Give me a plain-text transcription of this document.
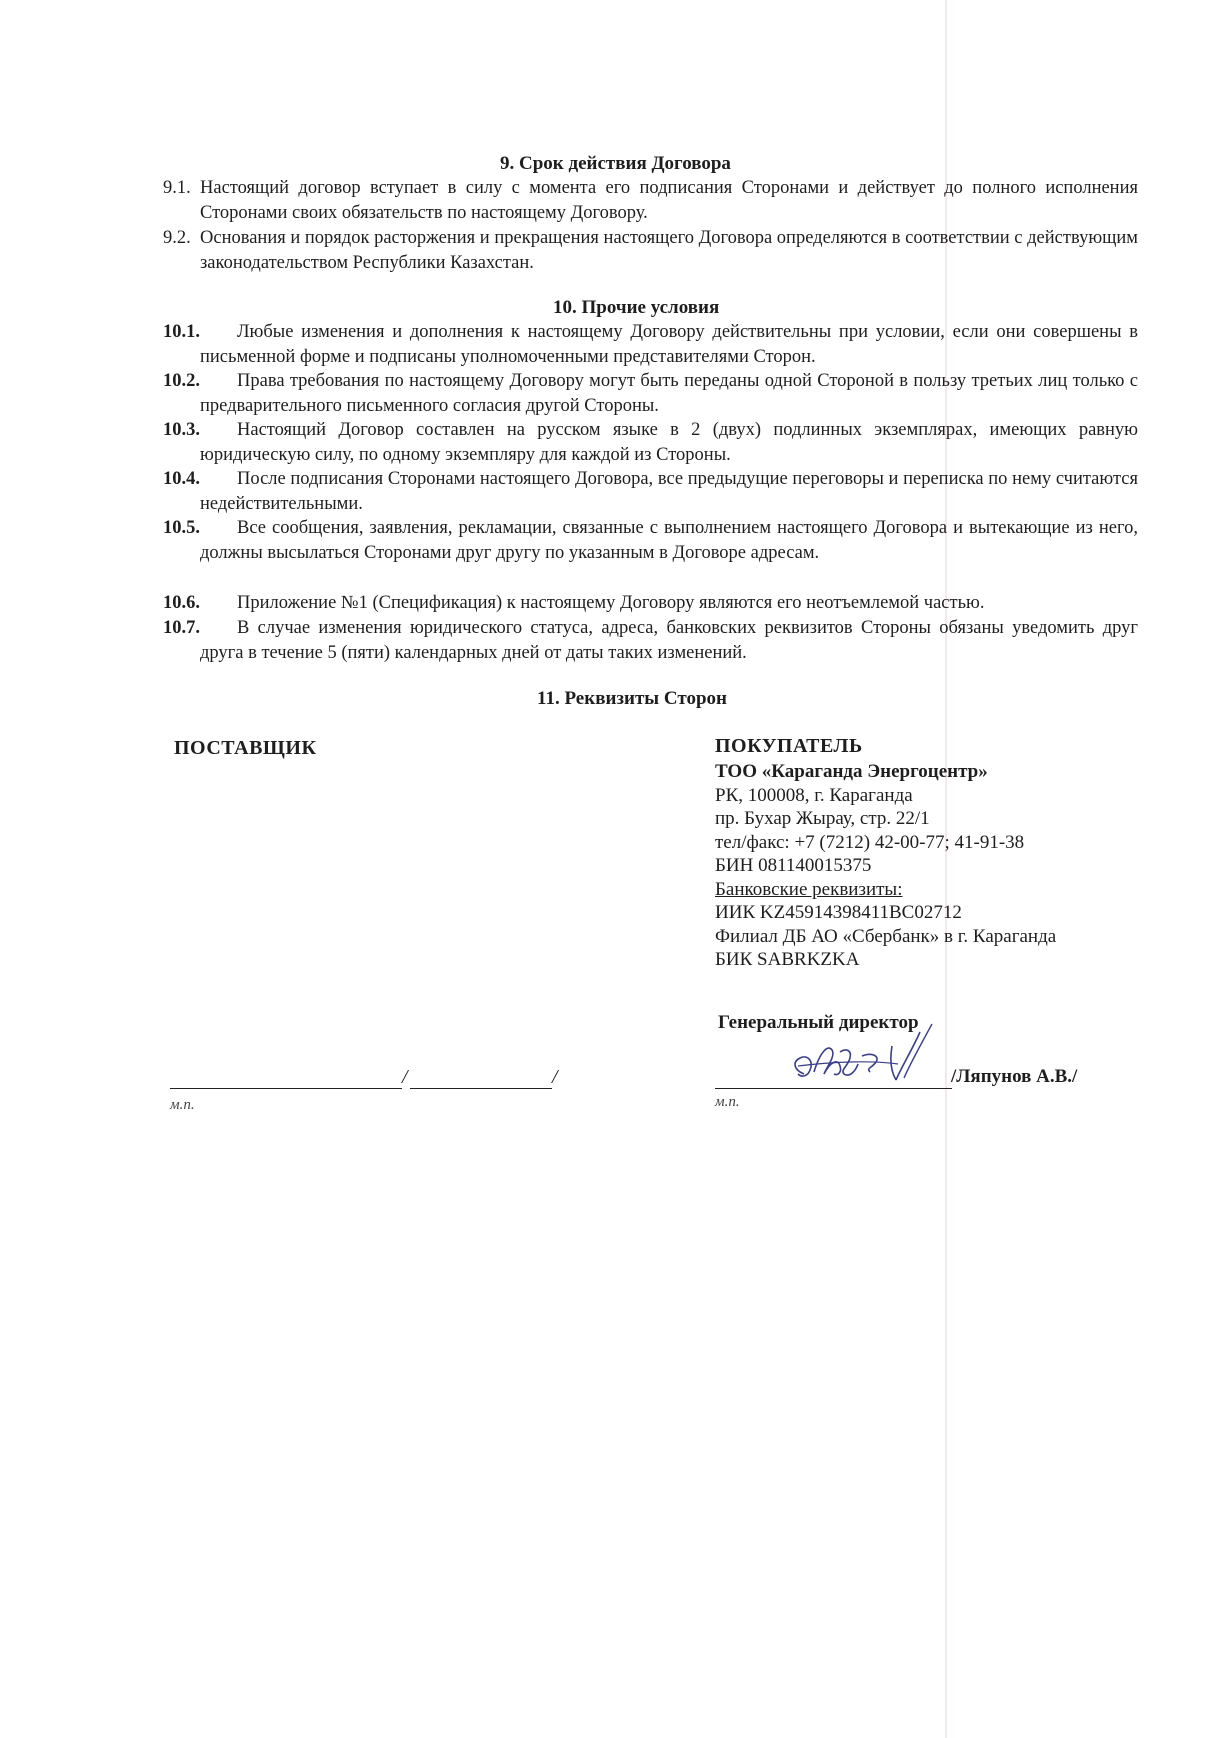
9. Срок действия Договора
9.1. Настоящий договор вступает в силу с момента его подписания Сторонами и действует до полного исполнения Сторонами своих обязательств по настоящему Договору.
9.2. Основания и порядок расторжения и прекращения настоящего Договора определяются в соответствии с действующим законодательством Республики Казахстан.
10. Прочие условия
10.1.	Любые изменения и дополнения к настоящему Договору действительны при условии, если они совершены в письменной форме и подписаны уполномоченными представителями Сторон.
10.2.	Права требования по настоящему Договору могут быть переданы одной Стороной в пользу третьих лиц только с предварительного письменного согласия другой Стороны.
10.3.	Настоящий Договор составлен на русском языке в 2 (двух) подлинных экземплярах, имеющих равную юридическую силу, по одному экземпляру для каждой из Стороны.
10.4.	После подписания Сторонами настоящего Договора, все предыдущие переговоры и переписка по нему считаются недействительными.
10.5.	Все сообщения, заявления, рекламации, связанные с выполнением настоящего Договора и вытекающие из него, должны высылаться Сторонами друг другу по указанным в Договоре адресам.
10.6.	Приложение №1 (Спецификация) к настоящему Договору являются его неотъемлемой частью.
10.7.	В случае изменения юридического статуса, адреса, банковских реквизитов Стороны обязаны уведомить друг друга в течение 5 (пяти) календарных дней от даты таких изменений.
11. Реквизиты Сторон
ПОСТАВЩИК
/	/
м.п.
ПОКУПАТЕЛЬ
ТОО «Караганда Энергоцентр»
РК, 100008, г. Караганда
пр. Бухар Жырау, стр. 22/1
тел/факс: +7 (7212) 42-00-77; 41-91-38
БИН 081140015375
Банковские реквизиты:
ИИК KZ45914398411BC02712
Филиал ДБ АО «Сбербанк» в г. Караганда
БИК SABRKZKA
Генеральный директор
/Ляпунов А.В./
м.п.
